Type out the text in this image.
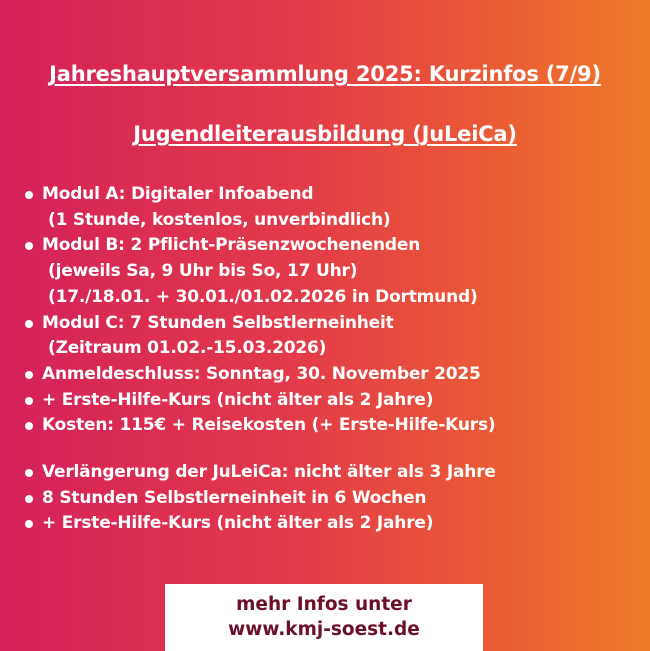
Jahreshauptversammlung 2025: Kurzinfos (7/9)
Jugendleiterausbildung (JuLeiCa)
Modul A: Digitaler Infoabend
(1 Stunde, kostenlos, unverbindlich)
Modul B: 2 Pflicht-Präsenzwochenenden
(jeweils Sa, 9 Uhr bis So, 17 Uhr)
(17./18.01. + 30.01./01.02.2026 in Dortmund)
Modul C: 7 Stunden Selbstlerneinheit
(Zeitraum 01.02.-15.03.2026)
Anmeldeschluss: Sonntag, 30. November 2025
+ Erste-Hilfe-Kurs (nicht älter als 2 Jahre)
Kosten: 115€ + Reisekosten (+ Erste-Hilfe-Kurs)
Verlängerung der JuLeiCa: nicht älter als 3 Jahre
8 Stunden Selbstlerneinheit in 6 Wochen
+ Erste-Hilfe-Kurs (nicht älter als 2 Jahre)
mehr Infos unter
www.kmj-soest.de
